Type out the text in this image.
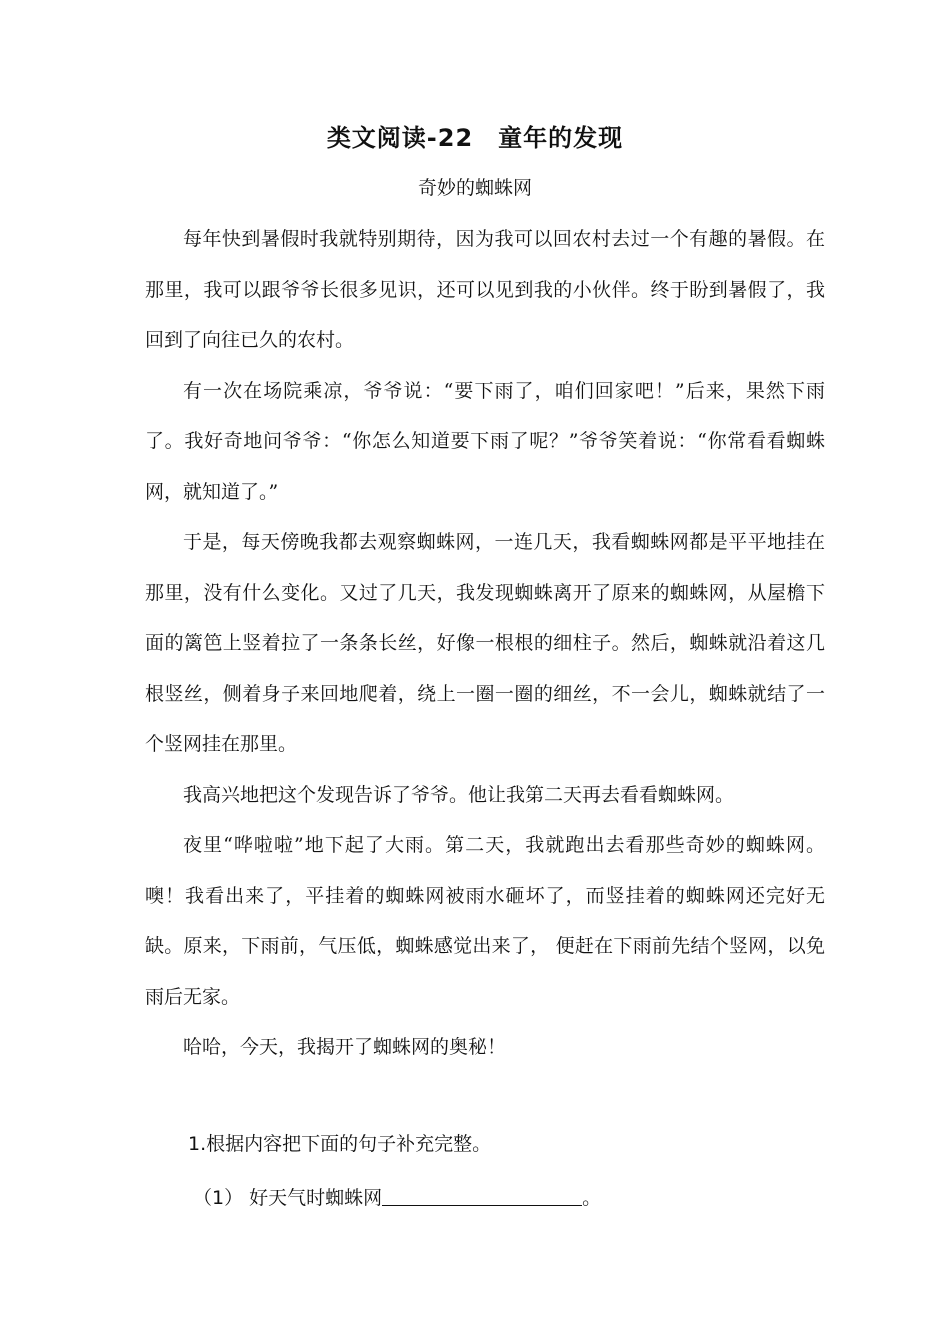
类文阅读-22　童年的发现
奇妙的蜘蛛网

每年快到暑假时我就特别期待，因为我可以回农村去过一个有趣的暑假。在那里，我可以跟爷爷长很多见识，还可以见到我的小伙伴。终于盼到暑假了，我回到了向往已久的农村。

有一次在场院乘凉，爷爷说：“要下雨了，咱们回家吧！”后来，果然下雨了。我好奇地问爷爷：“你怎么知道要下雨了呢？”爷爷笑着说：“你常看看蜘蛛网，就知道了。”

于是，每天傍晚我都去观察蜘蛛网，一连几天，我看蜘蛛网都是平平地挂在那里，没有什么变化。又过了几天，我发现蜘蛛离开了原来的蜘蛛网，从屋檐下面的篱笆上竖着拉了一条条长丝，好像一根根的细柱子。然后，蜘蛛就沿着这几根竖丝，侧着身子来回地爬着，绕上一圈一圈的细丝，不一会儿，蜘蛛就结了一个竖网挂在那里。

我高兴地把这个发现告诉了爷爷。他让我第二天再去看看蜘蛛网。

夜里“哗啦啦”地下起了大雨。第二天，我就跑出去看那些奇妙的蜘蛛网。噢！我看出来了，平挂着的蜘蛛网被雨水砸坏了，而竖挂着的蜘蛛网还完好无缺。原来，下雨前，气压低，蜘蛛感觉出来了， 便赶在下雨前先结个竖网，以免雨后无家。

哈哈，今天，我揭开了蜘蛛网的奥秘！

1.根据内容把下面的句子补充完整。
（1） 好天气时蜘蛛网	。
